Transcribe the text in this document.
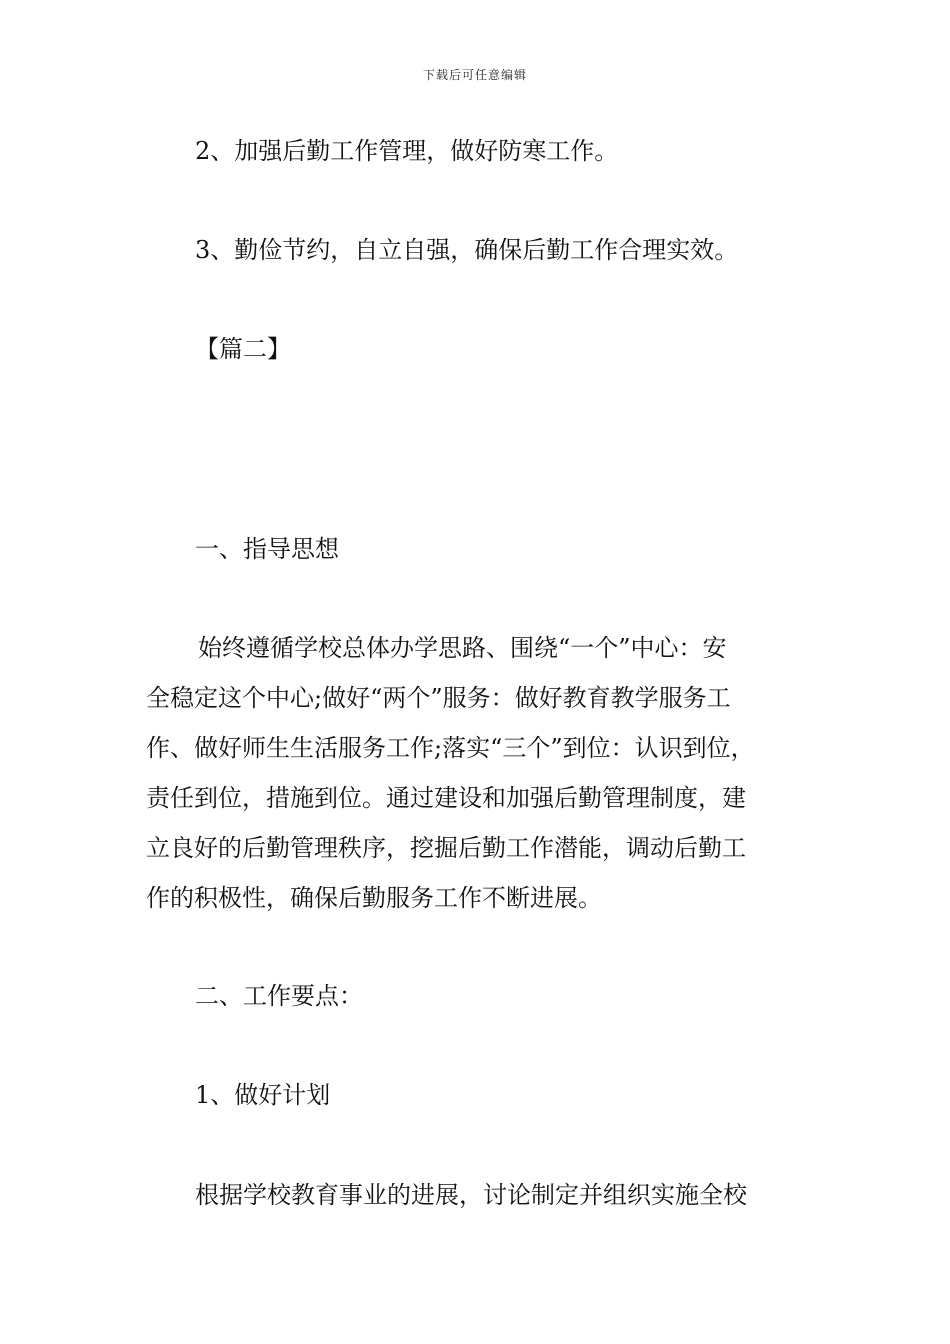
下载后可任意编辑
2、加强后勤工作管理，做好防寒工作。
3、勤俭节约，自立自强，确保后勤工作合理实效。
【篇二】
一、指导思想
始终遵循学校总体办学思路、围绕“一个”中心：安
全稳定这个中心;做好“两个”服务：做好教育教学服务工
作、做好师生生活服务工作;落实“三个”到位：认识到位，
责任到位，措施到位。通过建设和加强后勤管理制度，建
立良好的后勤管理秩序，挖掘后勤工作潜能，调动后勤工
作的积极性，确保后勤服务工作不断进展。
二、工作要点：
1、做好计划
根据学校教育事业的进展，讨论制定并组织实施全校
